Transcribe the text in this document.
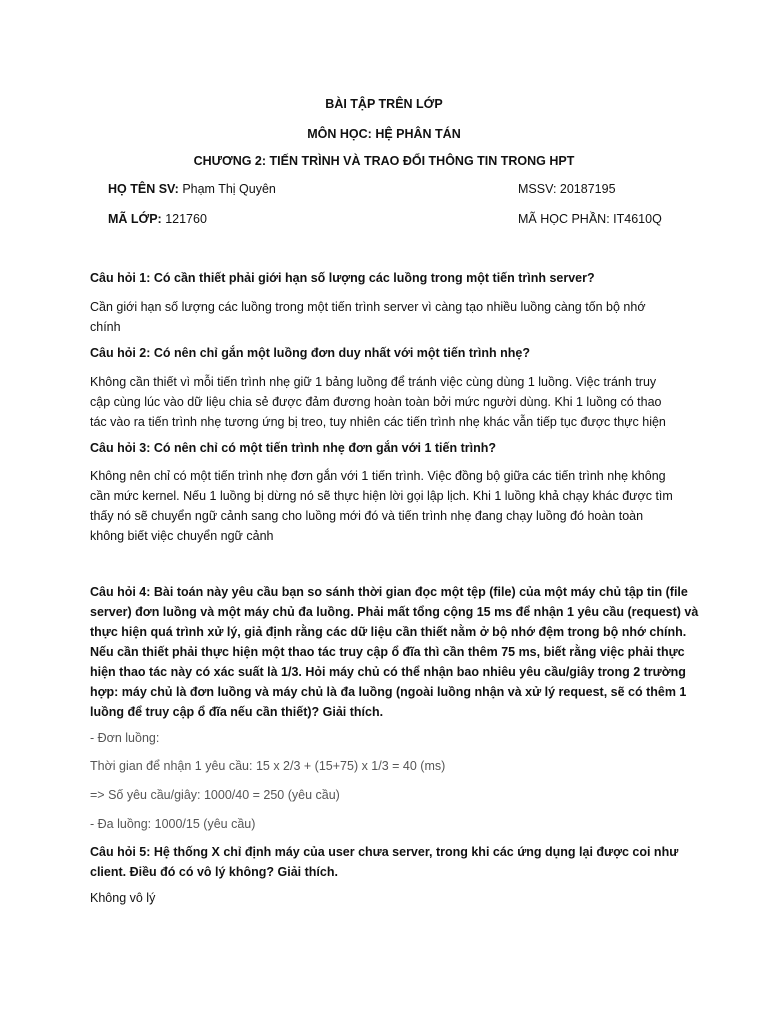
BÀI TẬP TRÊN LỚP
MÔN HỌC: HỆ PHÂN TÁN
CHƯƠNG 2: TIẾN TRÌNH VÀ TRAO ĐỔI THÔNG TIN TRONG HPT
HỌ TÊN SV: Phạm Thị Quyên	MSSV: 20187195
MÃ LỚP: 121760	MÃ HỌC PHẦN: IT4610Q
Câu hỏi 1: Có cần thiết phải giới hạn số lượng các luồng trong một tiến trình server?
Cần giới hạn số lượng các luồng trong một tiến trình server vì càng tạo nhiều luồng càng tốn bộ nhớ
chính
Câu hỏi 2: Có nên chỉ gắn một luồng đơn duy nhất với một tiến trình nhẹ?
Không cần thiết vì mỗi tiến trình nhẹ giữ 1 bảng luồng để tránh việc cùng dùng 1 luồng. Việc tránh truy
cập cùng lúc vào dữ liệu chia sẻ được đảm đương hoàn toàn bởi mức người dùng. Khi 1 luồng có thao
tác vào ra tiến trình nhẹ tương ứng bị treo, tuy nhiên các tiến trình nhẹ khác vẫn tiếp tục được thực hiện
Câu hỏi 3: Có nên chỉ có một tiến trình nhẹ đơn gắn với 1 tiến trình?
Không nên chỉ có một tiến trình nhẹ đơn gắn với 1 tiến trình. Việc đồng bộ giữa các tiến trình nhẹ không
cần mức kernel. Nếu 1 luồng bị dừng nó sẽ thực hiện lời gọi lập lịch. Khi 1 luồng khả chạy khác được tìm
thấy nó sẽ chuyển ngữ cảnh sang cho luồng mới đó và tiến trình nhẹ đang chạy luồng đó hoàn toàn
không biết việc chuyển ngữ cảnh
Câu hỏi 4: Bài toán này yêu cầu bạn so sánh thời gian đọc một tệp (file) của một máy chủ tập tin (file
server) đơn luồng và một máy chủ đa luồng. Phải mất tổng cộng 15 ms để nhận 1 yêu cầu (request) và
thực hiện quá trình xử lý, giả định rằng các dữ liệu cần thiết nằm ở bộ nhớ đệm trong bộ nhớ chính.
Nếu cần thiết phải thực hiện một thao tác truy cập ổ đĩa thì cần thêm 75 ms, biết rằng việc phải thực
hiện thao tác này có xác suất là 1/3. Hỏi máy chủ có thể nhận bao nhiêu yêu cầu/giây trong 2 trường
hợp: máy chủ là đơn luồng và máy chủ là đa luồng (ngoài luồng nhận và xử lý request, sẽ có thêm 1
luồng để truy cập ổ đĩa nếu cần thiết)? Giải thích.
- Đơn luồng:
Thời gian để nhận 1 yêu cầu: 15 x 2/3 + (15+75) x 1/3 = 40 (ms)
=> Số yêu cầu/giây: 1000/40 = 250 (yêu cầu)
- Đa luồng: 1000/15 (yêu cầu)
Câu hỏi 5: Hệ thống X chỉ định máy của user chưa server, trong khi các ứng dụng lại được coi như
client. Điều đó có vô lý không? Giải thích.
Không vô lý
